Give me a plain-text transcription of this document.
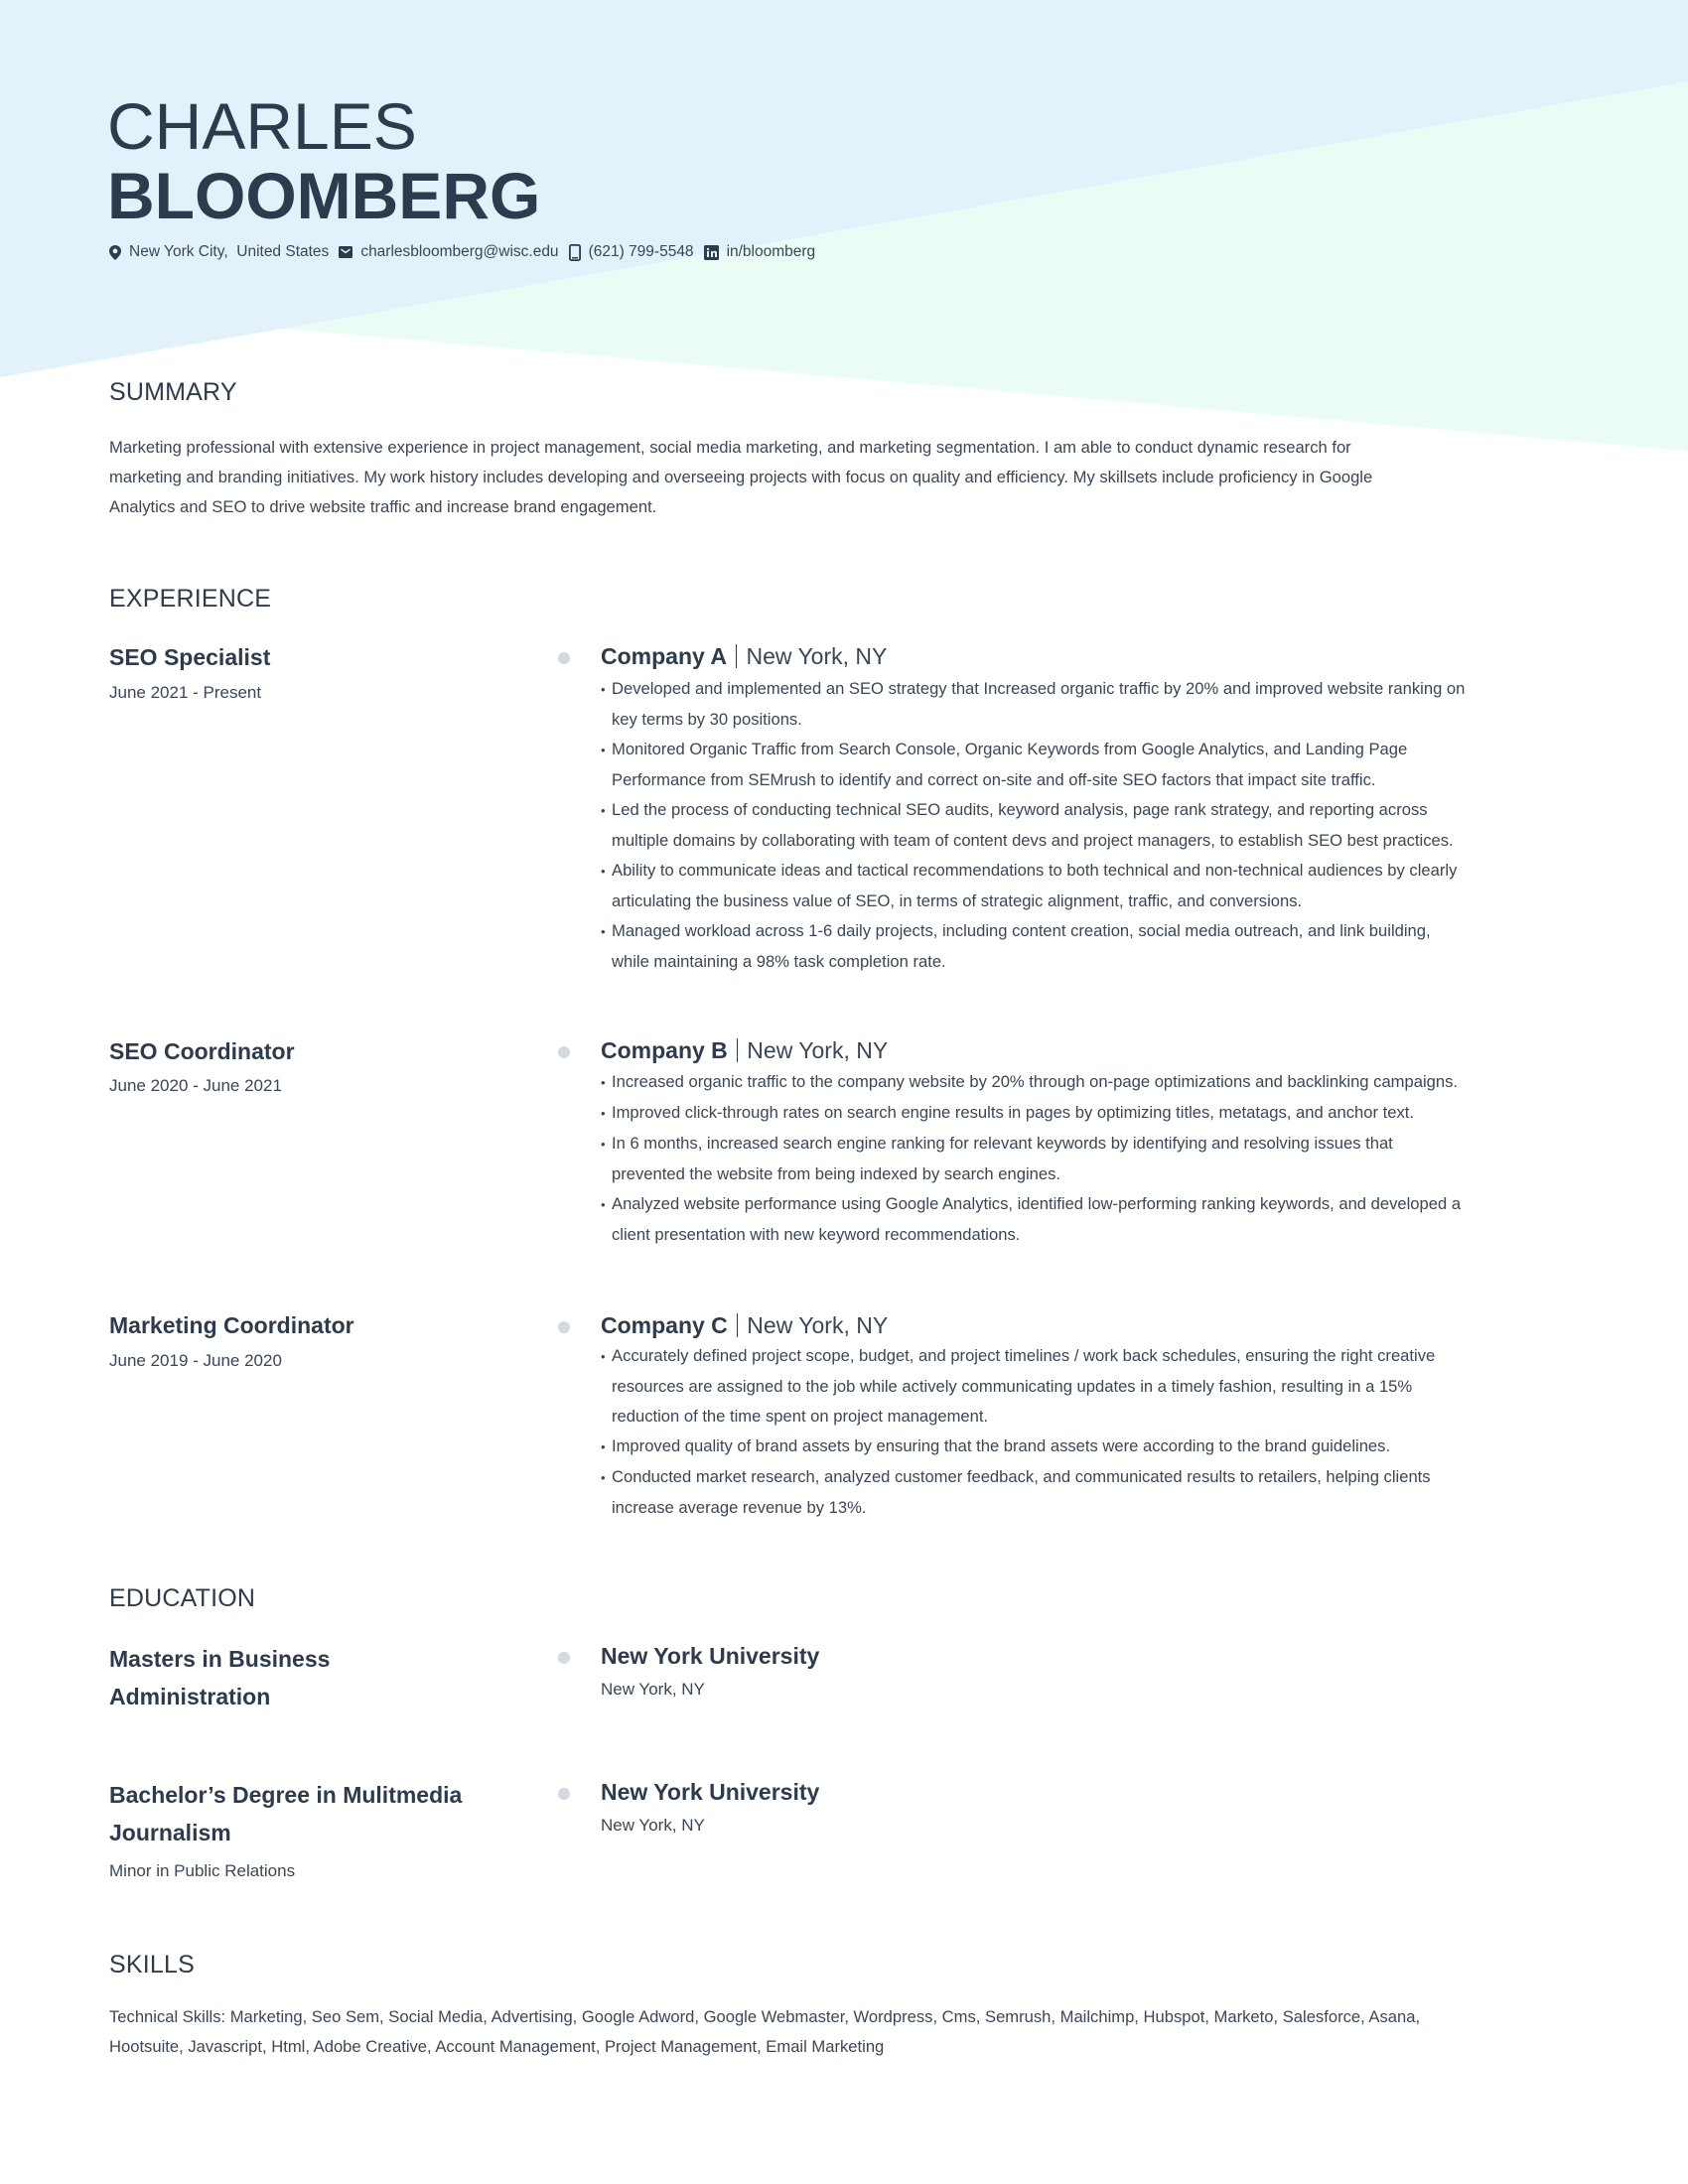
CHARLES
BLOOMBERG
New York City,  United States charlesbloomberg@wisc.edu (621) 799-5548 in/bloomberg
SUMMARY
Marketing professional with extensive experience in project management, social media marketing, and marketing segmentation. I am able to conduct dynamic research for
marketing and branding initiatives. My work history includes developing and overseeing projects with focus on quality and efficiency. My skillsets include proficiency in Google
Analytics and SEO to drive website traffic and increase brand engagement.
EXPERIENCE
SEO Specialist
June 2021 - Present
Company A New York, NY
• Developed and implemented an SEO strategy that Increased organic traffic by 20% and improved website ranking on
key terms by 30 positions.
• Monitored Organic Traffic from Search Console, Organic Keywords from Google Analytics, and Landing Page
Performance from SEMrush to identify and correct on-site and off-site SEO factors that impact site traffic.
• Led the process of conducting technical SEO audits, keyword analysis, page rank strategy, and reporting across
multiple domains by collaborating with team of content devs and project managers, to establish SEO best practices.
• Ability to communicate ideas and tactical recommendations to both technical and non-technical audiences by clearly
articulating the business value of SEO, in terms of strategic alignment, traffic, and conversions.
• Managed workload across 1-6 daily projects, including content creation, social media outreach, and link building,
while maintaining a 98% task completion rate.
SEO Coordinator
June 2020 - June 2021
Company B New York, NY
• Increased organic traffic to the company website by 20% through on-page optimizations and backlinking campaigns.
• Improved click-through rates on search engine results in pages by optimizing titles, metatags, and anchor text.
• In 6 months, increased search engine ranking for relevant keywords by identifying and resolving issues that
prevented the website from being indexed by search engines.
• Analyzed website performance using Google Analytics, identified low-performing ranking keywords, and developed a
client presentation with new keyword recommendations.
Marketing Coordinator
June 2019 - June 2020
Company C New York, NY
• Accurately defined project scope, budget, and project timelines / work back schedules, ensuring the right creative
resources are assigned to the job while actively communicating updates in a timely fashion, resulting in a 15%
reduction of the time spent on project management.
• Improved quality of brand assets by ensuring that the brand assets were according to the brand guidelines.
• Conducted market research, analyzed customer feedback, and communicated results to retailers, helping clients
increase average revenue by 13%.
EDUCATION
Masters in Business
Administration
New York University
New York, NY
Bachelor’s Degree in Mulitmedia
Journalism
Minor in Public Relations
New York University
New York, NY
SKILLS
Technical Skills: Marketing, Seo Sem, Social Media, Advertising, Google Adword, Google Webmaster, Wordpress, Cms, Semrush, Mailchimp, Hubspot, Marketo, Salesforce, Asana,
Hootsuite, Javascript, Html, Adobe Creative, Account Management, Project Management, Email Marketing
